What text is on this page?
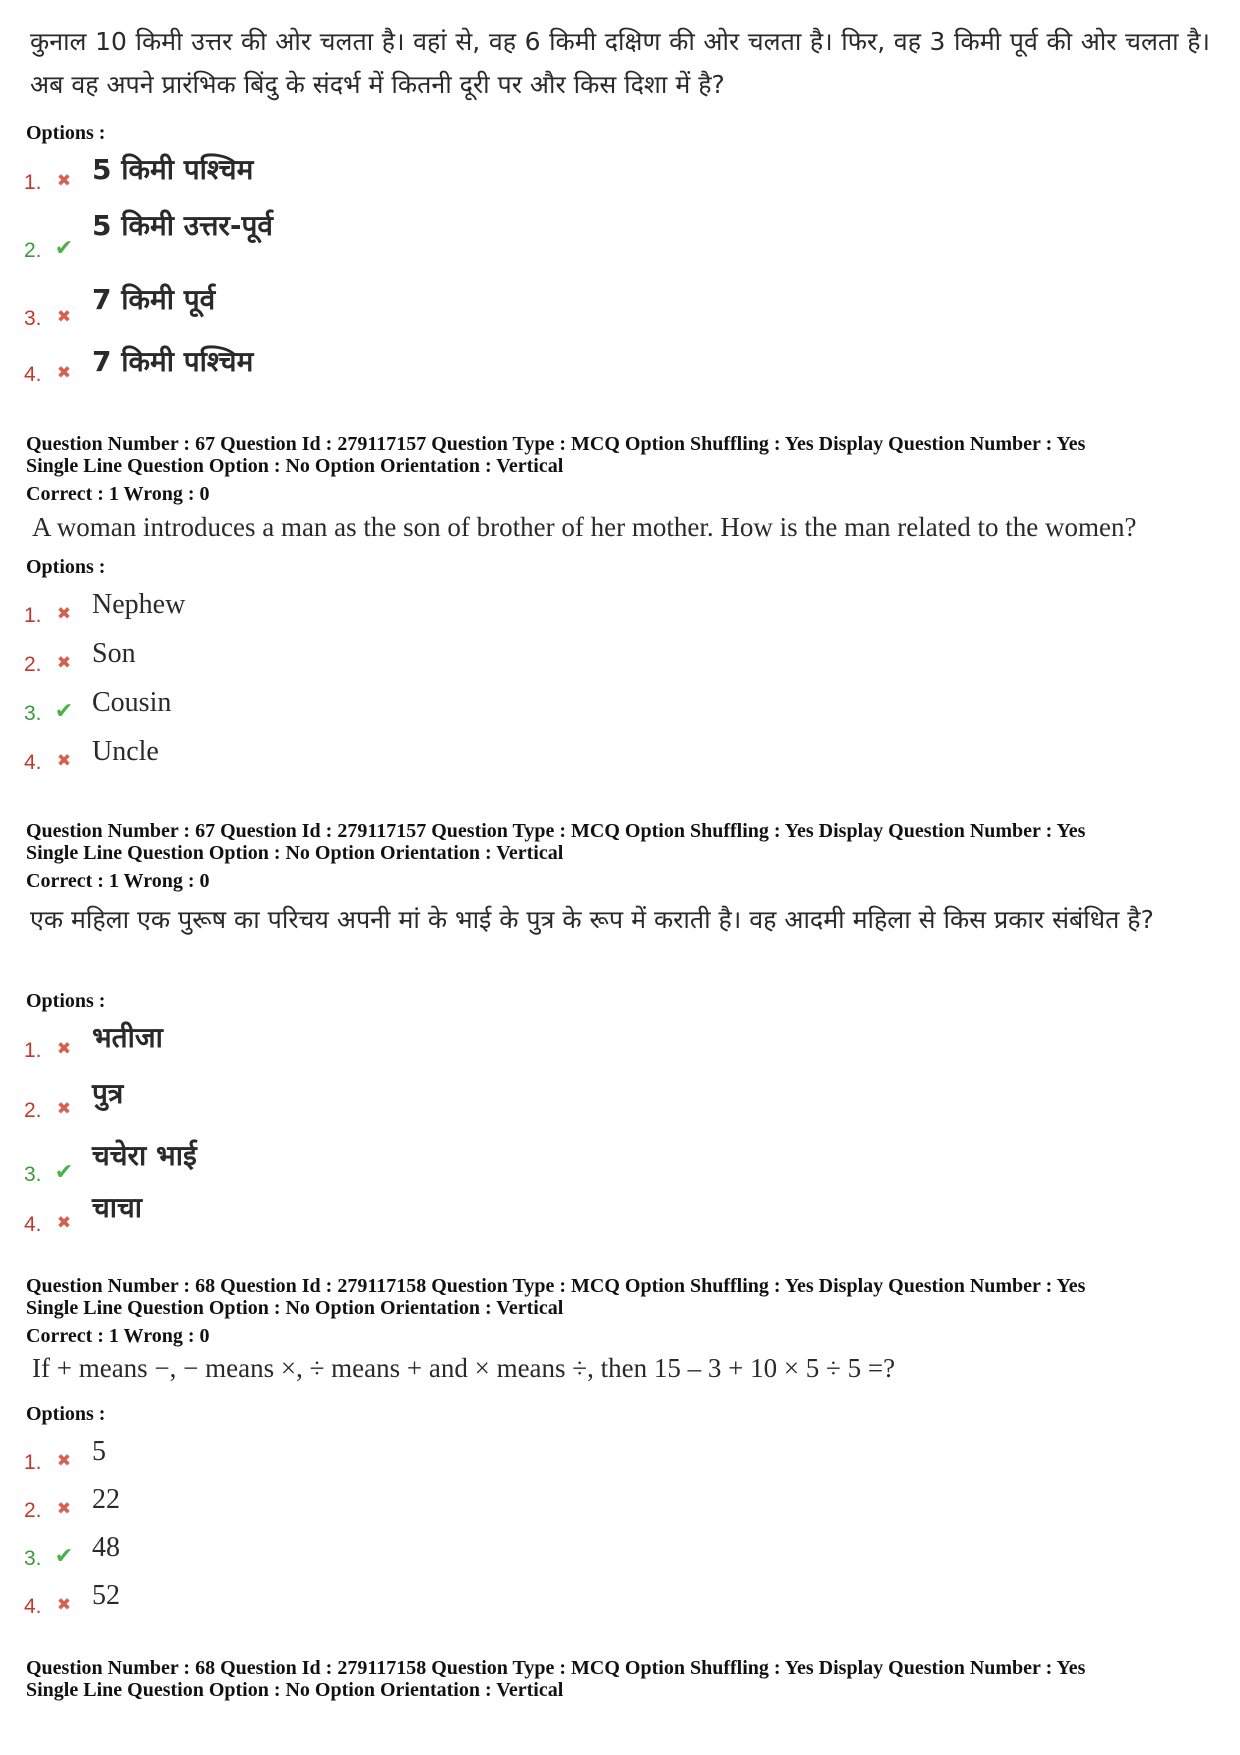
कुनाल 10 किमी उत्तर की ओर चलता है। वहां से, वह 6 किमी दक्षिण की ओर चलता है। फिर, वह 3 किमी पूर्व की ओर चलता है। अब वह अपने प्रारंभिक बिंदु के संदर्भ में कितनी दूरी पर और किस दिशा में है?
Options :
1. ✖ 5 किमी पश्चिम
2. ✔
5 किमी उत्तर-पूर्व
3. ✖
7 किमी पूर्व
4. ✖ 7 किमी पश्चिम
Question Number : 67 Question Id : 279117157 Question Type : MCQ Option Shuffling : Yes Display Question Number : Yes
Single Line Question Option : No Option Orientation : Vertical
Correct : 1 Wrong : 0
A woman introduces a man as the son of brother of her mother. How is the man related to the women?
Options :
1. ✖ Nephew
2. ✖ Son
3. ✔ Cousin
4. ✖ Uncle
Question Number : 67 Question Id : 279117157 Question Type : MCQ Option Shuffling : Yes Display Question Number : Yes
Single Line Question Option : No Option Orientation : Vertical
Correct : 1 Wrong : 0
एक महिला एक पुरूष का परिचय अपनी मां के भाई के पुत्र के रूप में कराती है। वह आदमी महिला से किस प्रकार संबंधित है?
Options :
1. ✖ भतीजा
2. ✖ पुत्र
3. ✔
चचेरा भाई
4. ✖ चाचा
Question Number : 68 Question Id : 279117158 Question Type : MCQ Option Shuffling : Yes Display Question Number : Yes
Single Line Question Option : No Option Orientation : Vertical
Correct : 1 Wrong : 0
If + means −, − means ×, ÷ means + and × means ÷, then 15 – 3 + 10 × 5 ÷ 5 =?
Options :
1. ✖ 5
2. ✖ 22
3. ✔ 48
4. ✖ 52
Question Number : 68 Question Id : 279117158 Question Type : MCQ Option Shuffling : Yes Display Question Number : Yes
Single Line Question Option : No Option Orientation : Vertical
